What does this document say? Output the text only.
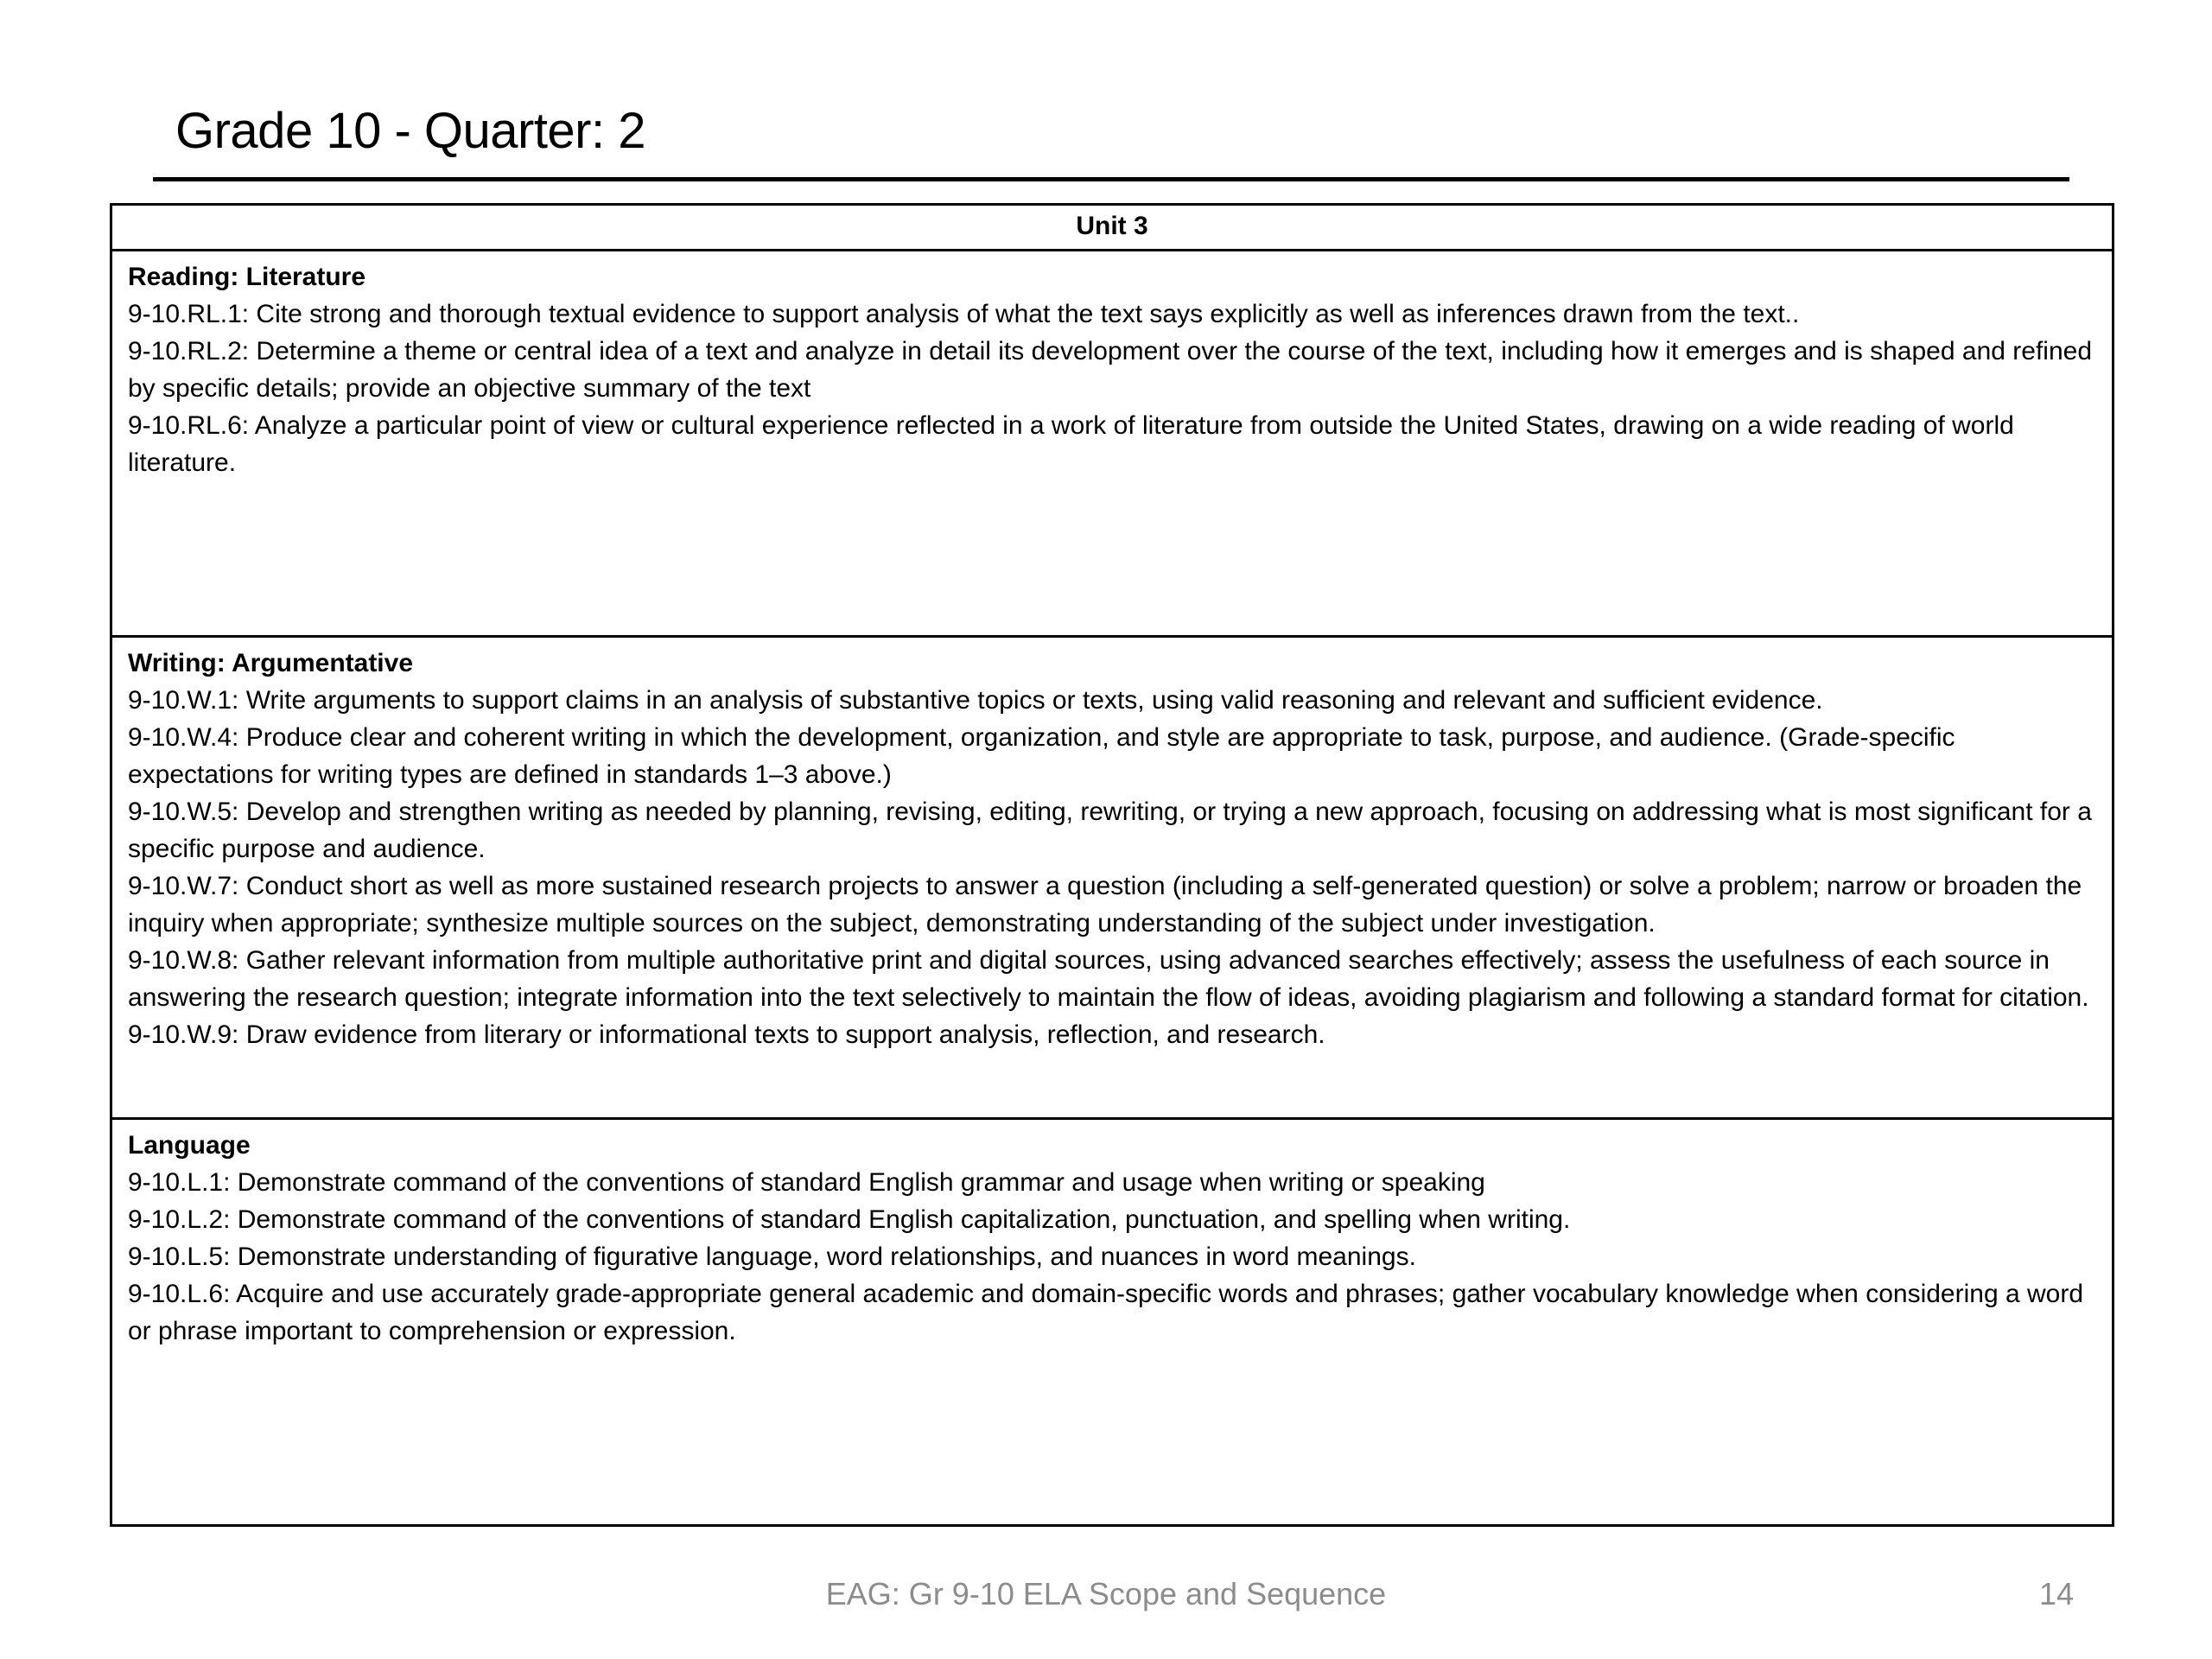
Grade 10 - Quarter: 2
Unit 3

Reading: Literature

9-10.RL.1: Cite strong and thorough textual evidence to support analysis of what the text says explicitly as well as inferences drawn from the text..

9-10.RL.2: Determine a theme or central idea of a text and analyze in detail its development over the course of the text, including how it emerges and is shaped and refined by specific details; provide an objective summary of the text

9-10.RL.6: Analyze a particular point of view or cultural experience reflected in a work of literature from outside the United States, drawing on a wide reading of world literature.

Writing: Argumentative

9-10.W.1: Write arguments to support claims in an analysis of substantive topics or texts, using valid reasoning and relevant and sufficient evidence.

9-10.W.4: Produce clear and coherent writing in which the development, organization, and style are appropriate to task, purpose, and audience. (Grade-specific expectations for writing types are defined in standards 1–3 above.)

9-10.W.5: Develop and strengthen writing as needed by planning, revising, editing, rewriting, or trying a new approach, focusing on addressing what is most significant for a specific purpose and audience.

9-10.W.7: Conduct short as well as more sustained research projects to answer a question (including a self-generated question) or solve a problem; narrow or broaden the inquiry when appropriate; synthesize multiple sources on the subject, demonstrating understanding of the subject under investigation.

9-10.W.8: Gather relevant information from multiple authoritative print and digital sources, using advanced searches effectively; assess the usefulness of each source in answering the research question; integrate information into the text selectively to maintain the flow of ideas, avoiding plagiarism and following a standard format for citation.

9-10.W.9: Draw evidence from literary or informational texts to support analysis, reflection, and research.

Language

9-10.L.1: Demonstrate command of the conventions of standard English grammar and usage when writing or speaking

9-10.L.2: Demonstrate command of the conventions of standard English capitalization, punctuation, and spelling when writing.

9-10.L.5: Demonstrate understanding of figurative language, word relationships, and nuances in word meanings.

9-10.L.6: Acquire and use accurately grade-appropriate general academic and domain-specific words and phrases; gather vocabulary knowledge when considering a word or phrase important to comprehension or expression.

EAG: Gr 9-10 ELA Scope and Sequence	14
